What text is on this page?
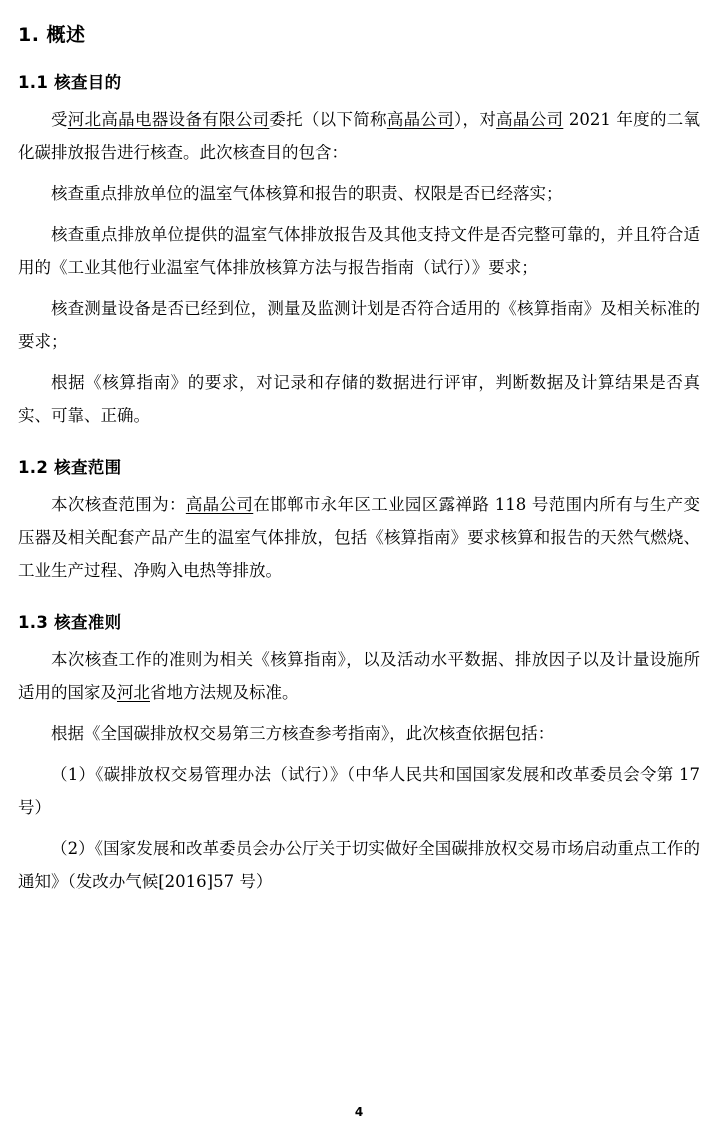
1. 概述
1.1 核查目的

受河北高晶电器设备有限公司委托（以下简称高晶公司），对高晶公司 2021 年度的二氧化碳排放报告进行核查。此次核查目的包含：

核查重点排放单位的温室气体核算和报告的职责、权限是否已经落实；

核查重点排放单位提供的温室气体排放报告及其他支持文件是否完整可靠的，并且符合适用的《工业其他行业温室气体排放核算方法与报告指南（试行）》要求；

核查测量设备是否已经到位，测量及监测计划是否符合适用的《核算指南》及相关标准的要求；

根据《核算指南》的要求，对记录和存储的数据进行评审，判断数据及计算结果是否真实、可靠、正确。

1.2 核查范围

本次核查范围为：高晶公司在邯郸市永年区工业园区露禅路 118 号范围内所有与生产变压器及相关配套产品产生的温室气体排放，包括《核算指南》要求核算和报告的天然气燃烧、工业生产过程、净购入电热等排放。

1.3 核查准则

本次核查工作的准则为相关《核算指南》，以及活动水平数据、排放因子以及计量设施所适用的国家及河北省地方法规及标准。

根据《全国碳排放权交易第三方核查参考指南》，此次核查依据包括：

（1）《碳排放权交易管理办法（试行）》（中华人民共和国国家发展和改革委员会令第 17 号）

（2）《国家发展和改革委员会办公厅关于切实做好全国碳排放权交易市场启动重点工作的通知》（发改办气候[2016]57 号）

4
